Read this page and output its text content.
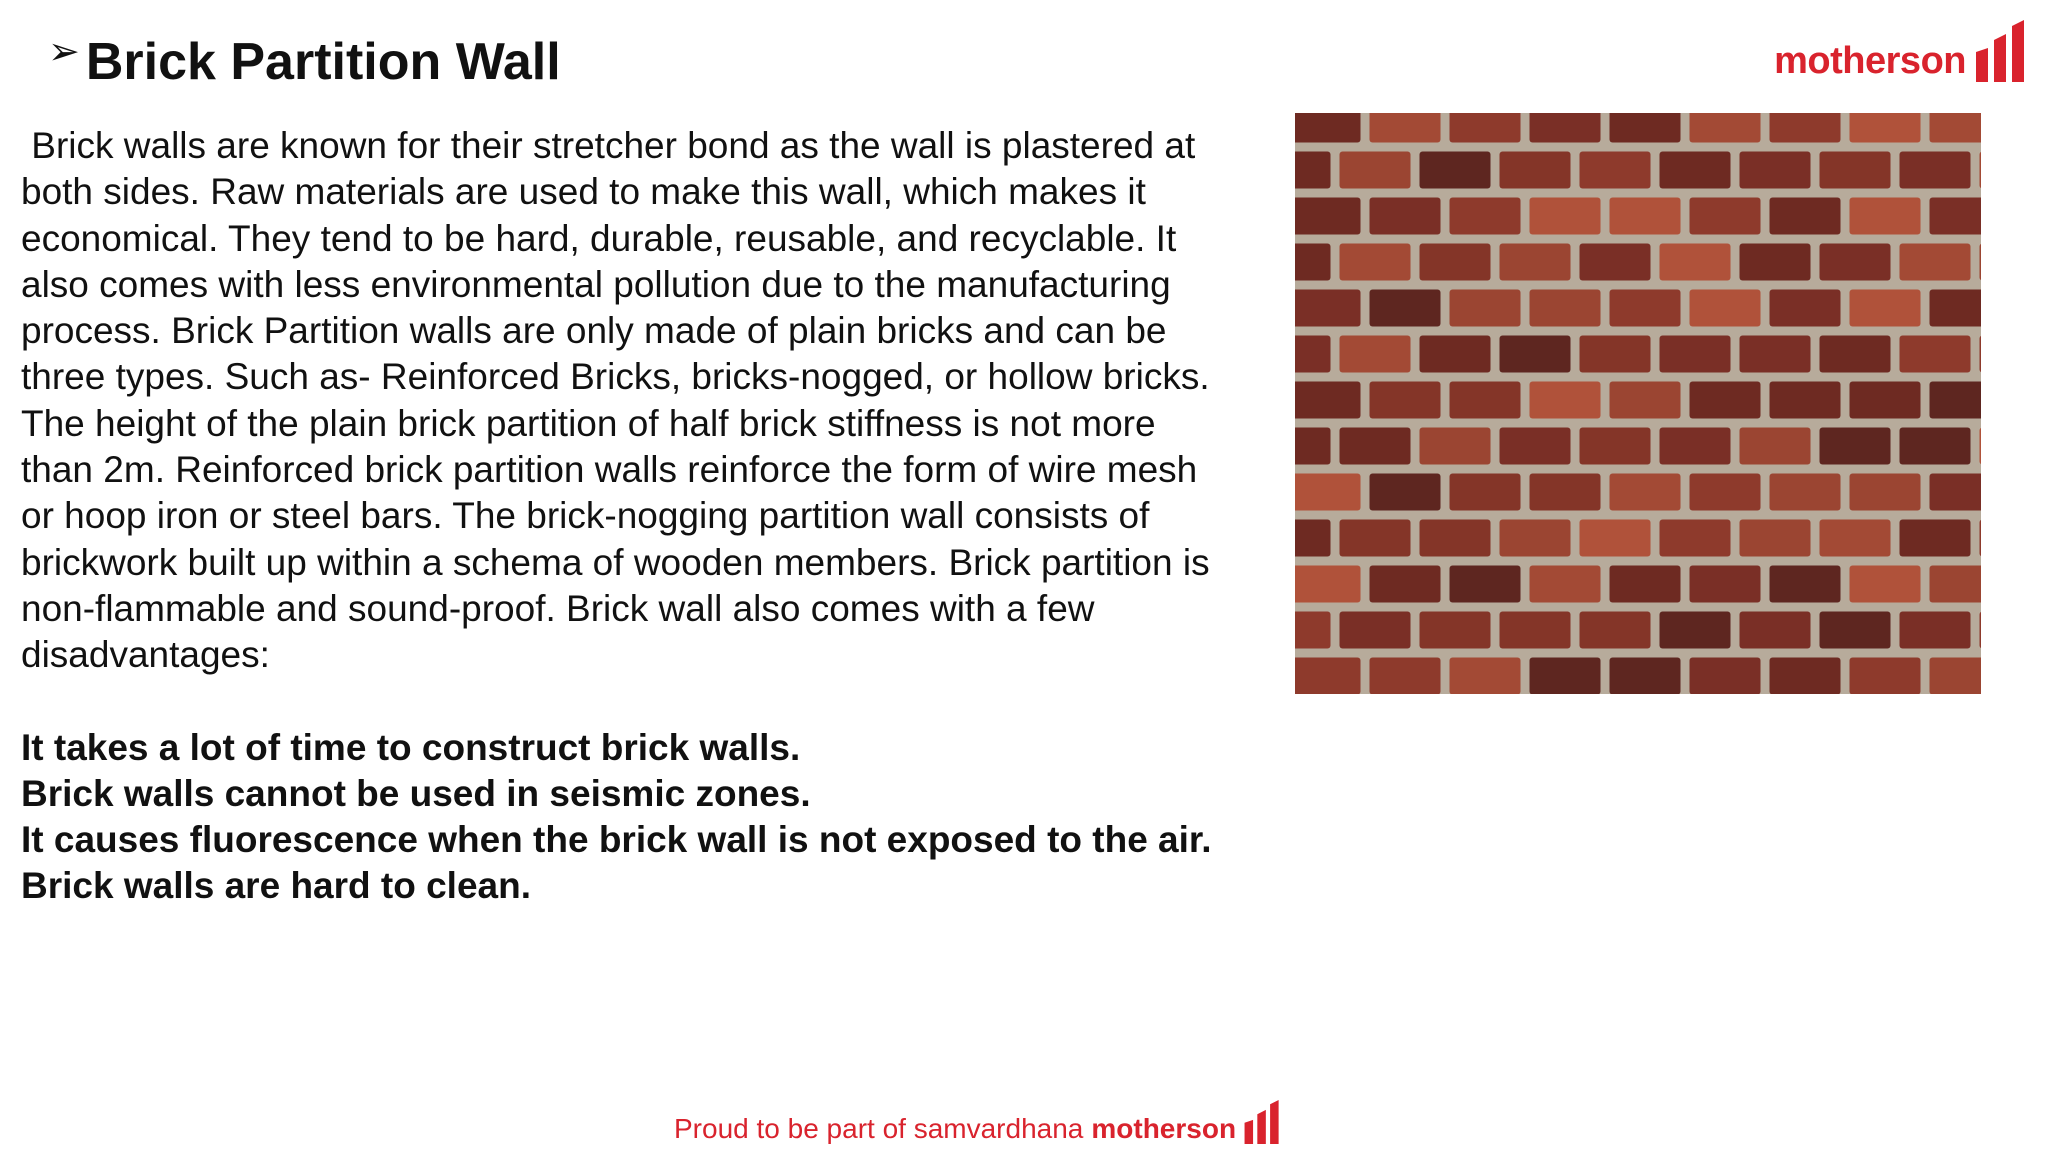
➢ Brick Partition Wall	motherson

Brick walls are known for their stretcher bond as the wall is plastered at both sides. Raw materials are used to make this wall, which makes it economical. They tend to be hard, durable, reusable, and recyclable. It also comes with less environmental pollution due to the manufacturing process. Brick Partition walls are only made of plain bricks and can be three types. Such as- Reinforced Bricks, bricks-nogged, or hollow bricks. The height of the plain brick partition of half brick stiffness is not more than 2m. Reinforced brick partition walls reinforce the form of wire mesh or hoop iron or steel bars. The brick-nogging partition wall consists of brickwork built up within a schema of wooden members. Brick partition is non-flammable and sound-proof. Brick wall also comes with a few disadvantages:

It takes a lot of time to construct brick walls.
Brick walls cannot be used in seismic zones.
It causes fluorescence when the brick wall is not exposed to the air.
Brick walls are hard to clean.
Proud to be part of samvardhana motherson
